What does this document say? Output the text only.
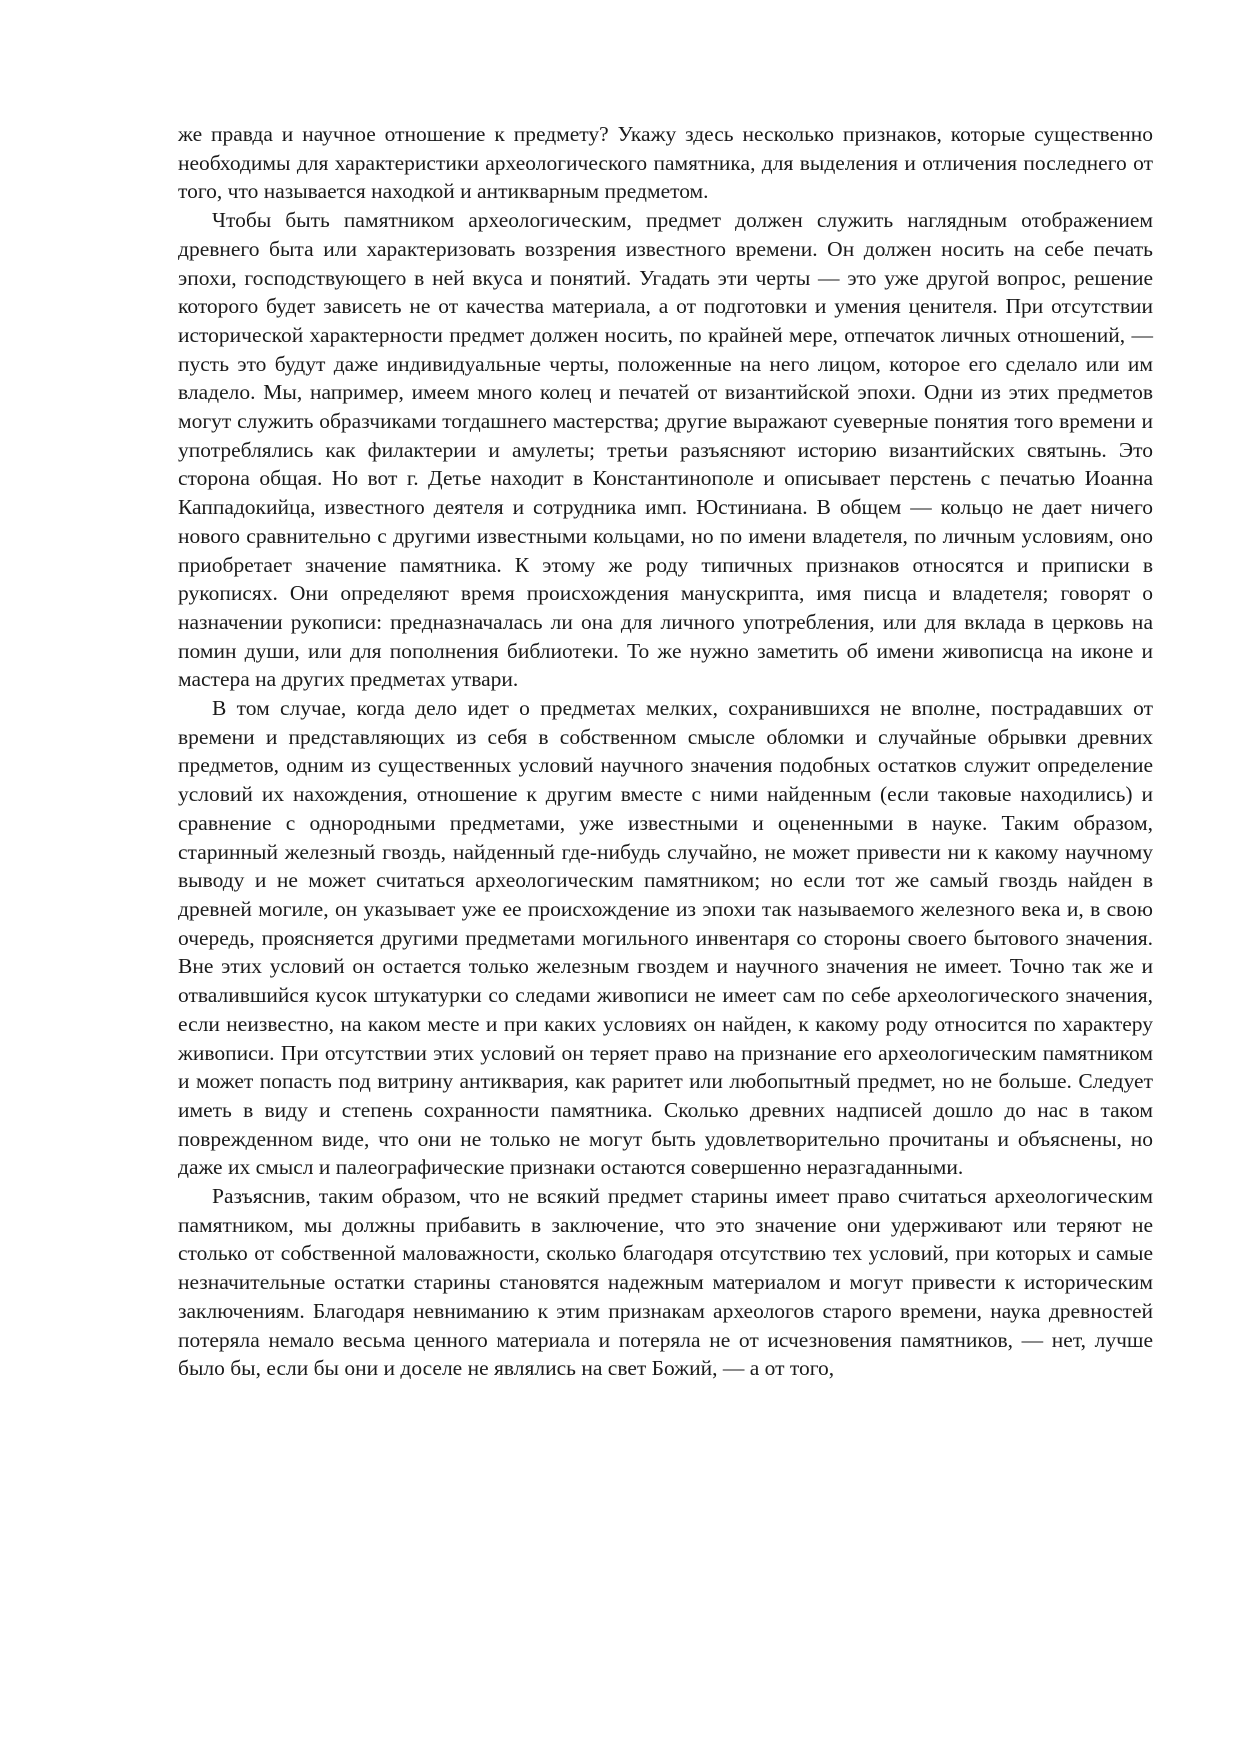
же правда и научное отношение к предмету? Укажу здесь несколько признаков, которые существенно необходимы для характеристики археологического памятника, для выделения и отличения последнего от того, что называется находкой и антикварным предметом.

Чтобы быть памятником археологическим, предмет должен служить наглядным отображением древнего быта или характеризовать воззрения известного времени. Он должен носить на себе печать эпохи, господствующего в ней вкуса и понятий. Угадать эти черты — это уже другой вопрос, решение которого будет зависеть не от качества материала, а от подготовки и умения ценителя. При отсутствии исторической характерности предмет должен носить, по крайней мере, отпечаток личных отношений, — пусть это будут даже индивидуальные черты, положенные на него лицом, которое его сделало или им владело. Мы, например, имеем много колец и печатей от византийской эпохи. Одни из этих предметов могут служить образчиками тогдашнего мастерства; другие выражают суеверные понятия того времени и употреблялись как филактерии и амулеты; третьи разъясняют историю византийских святынь. Это сторона общая. Но вот г. Детье находит в Константинополе и описывает перстень с печатью Иоанна Каппадокийца, известного деятеля и сотрудника имп. Юстиниана. В общем — кольцо не дает ничего нового сравнительно с другими известными кольцами, но по имени владетеля, по личным условиям, оно приобретает значение памятника. К этому же роду типичных признаков относятся и приписки в рукописях. Они определяют время происхождения манускрипта, имя писца и владетеля; говорят о назначении рукописи: предназначалась ли она для личного употребления, или для вклада в церковь на помин души, или для пополнения библиотеки. То же нужно заметить об имени живописца на иконе и мастера на других предметах утвари.

В том случае, когда дело идет о предметах мелких, сохранившихся не вполне, пострадавших от времени и представляющих из себя в собственном смысле обломки и случайные обрывки древних предметов, одним из существенных условий научного значения подобных остатков служит определение условий их нахождения, отношение к другим вместе с ними найденным (если таковые находились) и сравнение с однородными предметами, уже известными и оцененными в науке. Таким образом, старинный железный гвоздь, найденный где-нибудь случайно, не может привести ни к какому научному выводу и не может считаться археологическим памятником; но если тот же самый гвоздь найден в древней могиле, он указывает уже ее происхождение из эпохи так называемого железного века и, в свою очередь, проясняется другими предметами могильного инвентаря со стороны своего бытового значения. Вне этих условий он остается только железным гвоздем и научного значения не имеет. Точно так же и отвалившийся кусок штукатурки со следами живописи не имеет сам по себе археологического значения, если неизвестно, на каком месте и при каких условиях он найден, к какому роду относится по характеру живописи. При отсутствии этих условий он теряет право на признание его археологическим памятником и может попасть под витрину антиквария, как раритет или любопытный предмет, но не больше. Следует иметь в виду и степень сохранности памятника. Сколько древних надписей дошло до нас в таком поврежденном виде, что они не только не могут быть удовлетворительно прочитаны и объяснены, но даже их смысл и палеографические признаки остаются совершенно неразгаданными.

Разъяснив, таким образом, что не всякий предмет старины имеет право считаться археологическим памятником, мы должны прибавить в заключение, что это значение они удерживают или теряют не столько от собственной маловажности, сколько благодаря отсутствию тех условий, при которых и самые незначительные остатки старины становятся надежным материалом и могут привести к историческим заключениям. Благодаря невниманию к этим признакам археологов старого времени, наука древностей потеряла немало весьма ценного материала и потеряла не от исчезновения памятников, — нет, лучше было бы, если бы они и доселе не являлись на свет Божий, — а от того,
